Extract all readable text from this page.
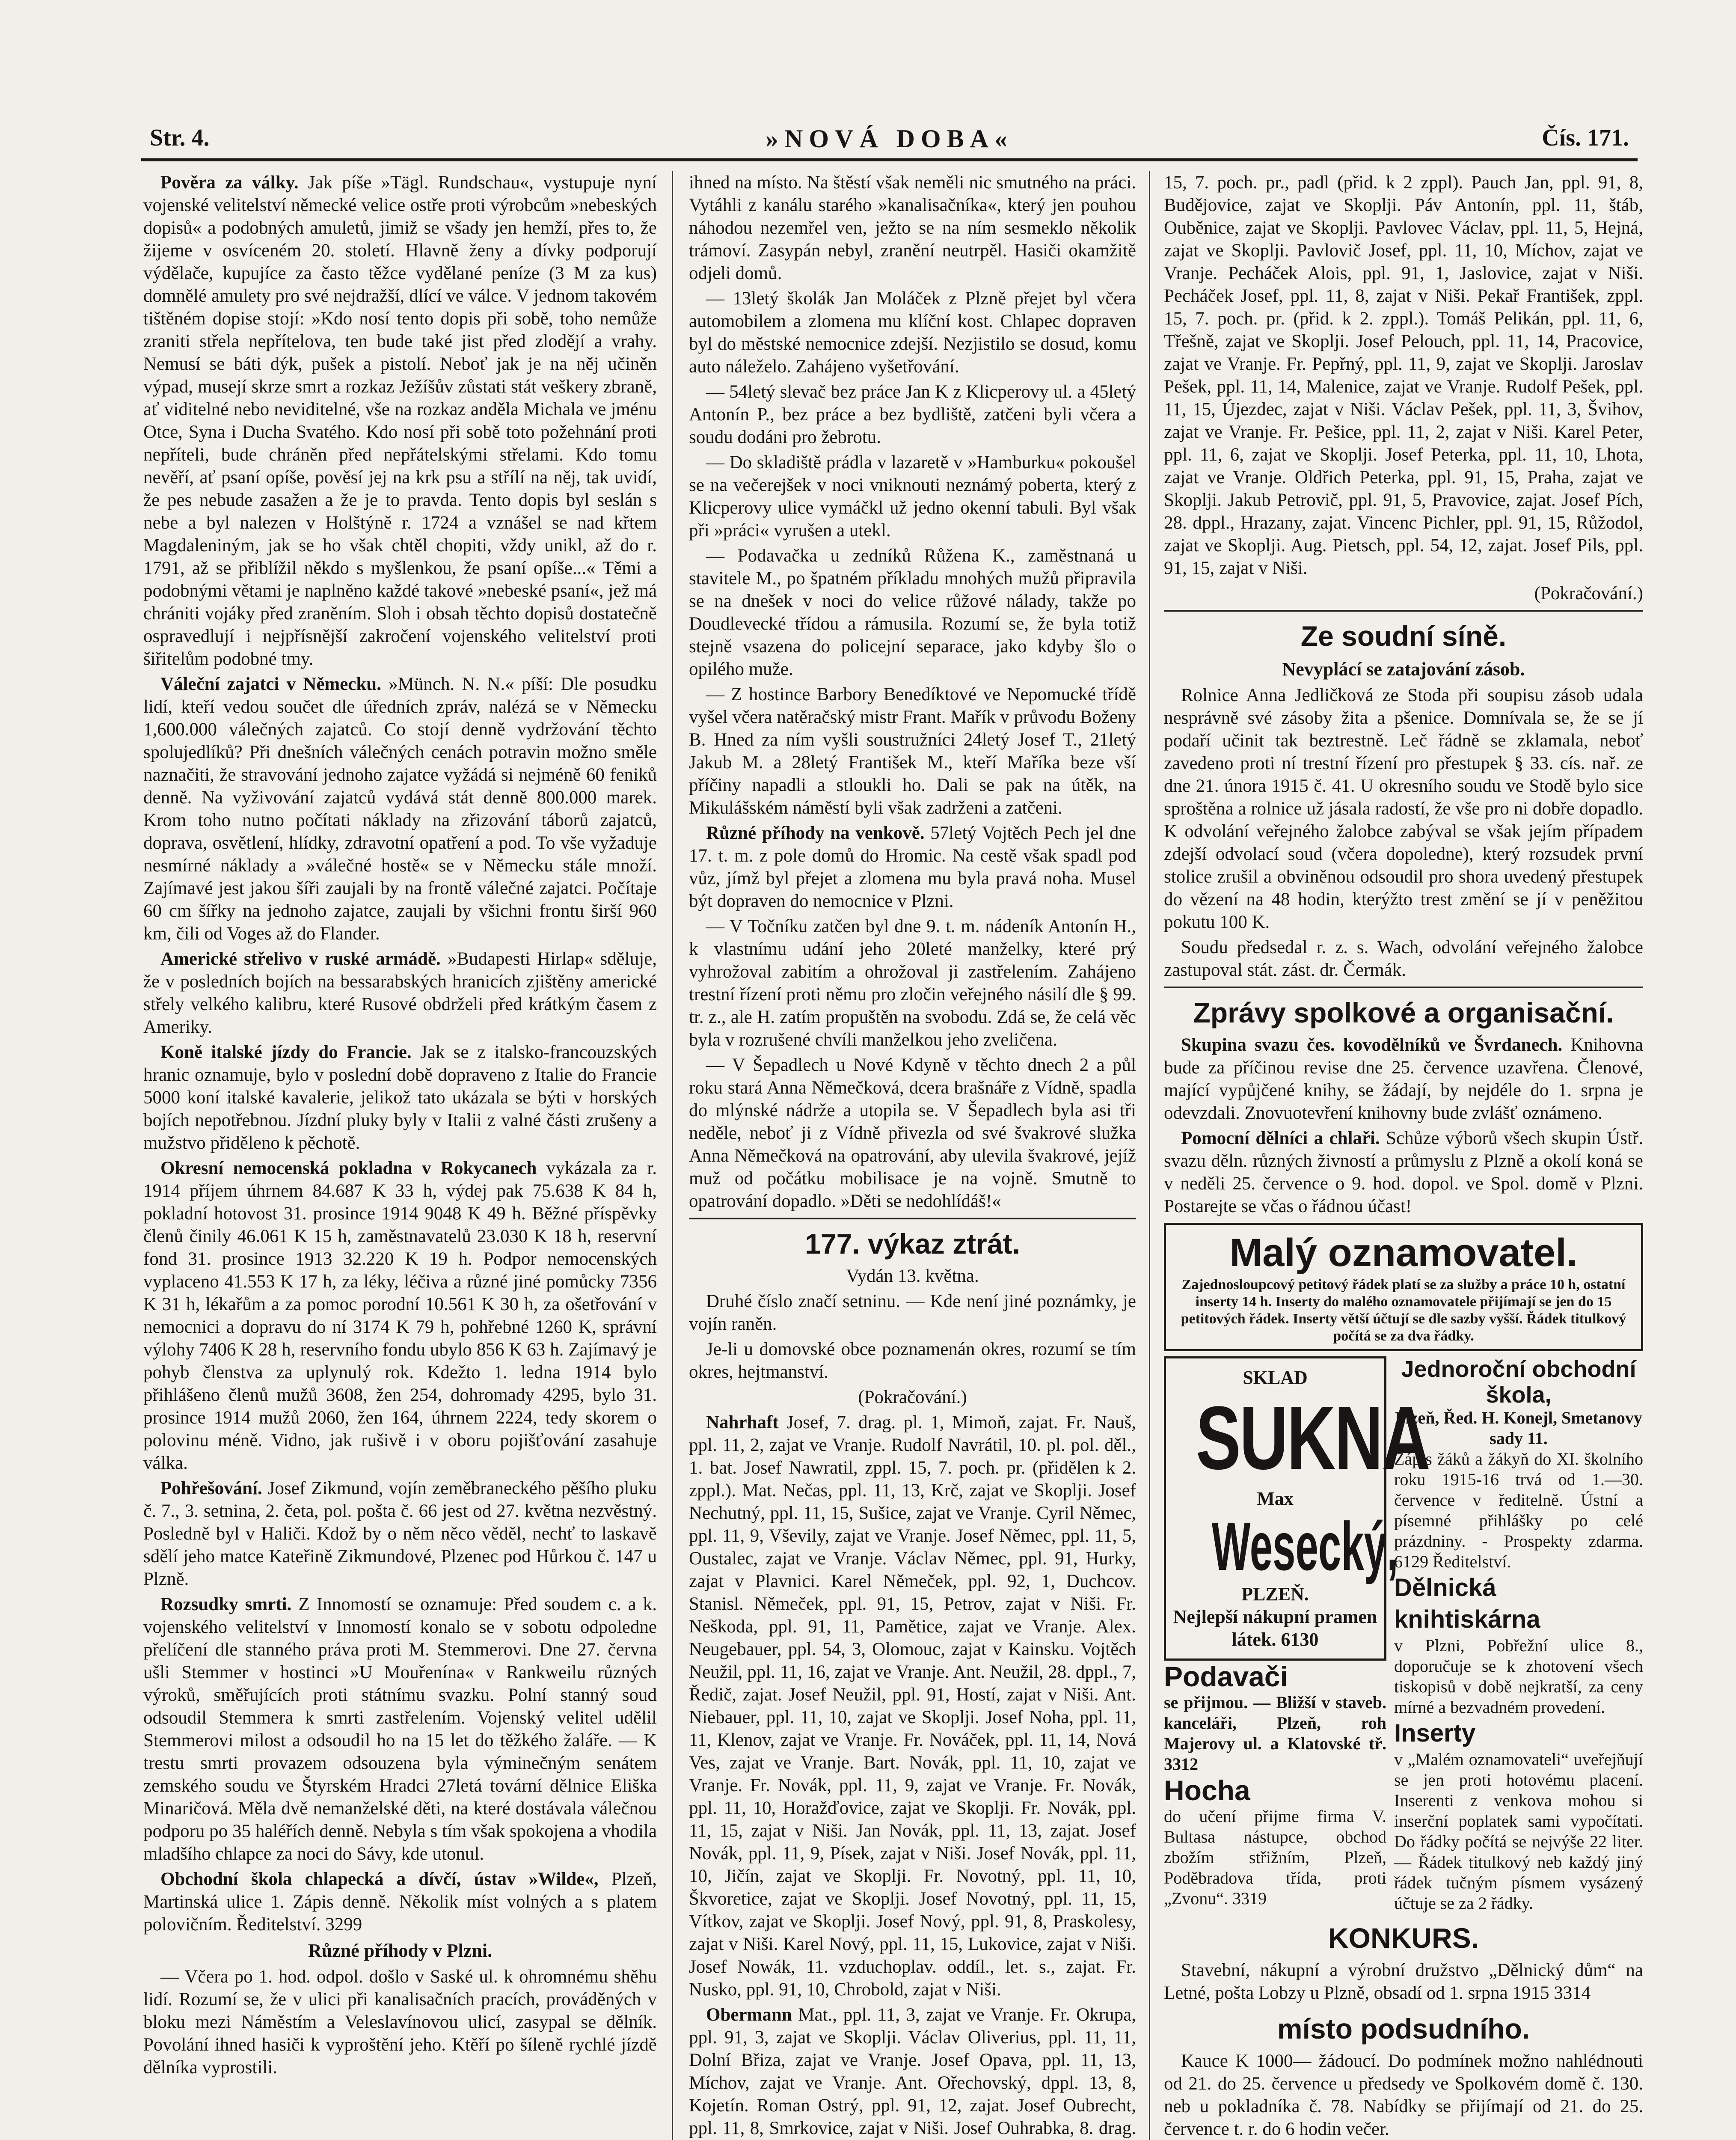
Str. 4.	»NOVÁ DOBA«	Čís. 171.

Pověra za války. Jak píše »Tägl. Rundschau«, vystupuje nyní vojenské velitelství německé velice ostře proti výrobcům »nebeských dopisů« a podobných amuletů, jimiž se všady jen hemží, přes to, že žijeme v osvíceném 20. století. Hlavně ženy a dívky podporují výdělače, kupujíce za často těžce vydělané peníze (3 M za kus) domnělé amulety pro své nejdražší, dlící ve válce. V jednom takovém tištěném dopise stojí: »Kdo nosí tento dopis při sobě, toho nemůže zraniti střela nepřítelova, ten bude také jist před zlodějí a vrahy. Nemusí se báti dýk, pušek a pistolí. Neboť jak je na něj učiněn výpad, musejí skrze smrt a rozkaz Ježíšův zůstati stát veškery zbraně, ať viditelné nebo neviditelné, vše na rozkaz anděla Michala ve jménu Otce, Syna i Ducha Svatého. Kdo nosí při sobě toto požehnání proti nepříteli, bude chráněn před nepřátelskými střelami. Kdo tomu nevěří, ať psaní opíše, pověsí jej na krk psu a střílí na něj, tak uvidí, že pes nebude zasažen a že je to pravda. Tento dopis byl seslán s nebe a byl nalezen v Holštýně r. 1724 a vznášel se nad křtem Magdaleniným, jak se ho však chtěl chopiti, vždy unikl, až do r. 1791, až se přiblížil někdo s myšlenkou, že psaní opíše...« Těmi a podobnými větami je naplněno každé takové »nebeské psaní«, jež má chrániti vojáky před zraněním. Sloh i obsah těchto dopisů dostatečně ospravedlují i nejpřísnější zakročení vojenského velitelství proti šiřitelům podobné tmy.

Váleční zajatci v Německu. »Münch. N. N.« píší: Dle posudku lidí, kteří vedou součet dle úředních zpráv, nalézá se v Německu 1,600.000 válečných zajatců. Co stojí denně vydržování těchto spolujedlíků? Při dnešních válečných cenách potravin možno směle naznačiti, že stravování jednoho zajatce vyžádá si nejméně 60 feniků denně. Na vyživování zajatců vydává stát denně 800.000 marek. Krom toho nutno počítati náklady na zřizování táborů zajatců, doprava, osvětlení, hlídky, zdravotní opatření a pod. To vše vyžaduje nesmírné náklady a »válečné hostě« se v Německu stále množí. Zajímavé jest jakou šíři zaujali by na frontě válečné zajatci. Počítaje 60 cm šířky na jednoho zajatce, zaujali by všichni frontu širší 960 km, čili od Voges až do Flander.

Americké střelivo v ruské armádě. »Budapesti Hirlap« sděluje, že v posledních bojích na bessarabských hranicích zjištěny americké střely velkého kalibru, které Rusové obdrželi před krátkým časem z Ameriky.

Koně italské jízdy do Francie. Jak se z italsko-francouzských hranic oznamuje, bylo v poslední době dopraveno z Italie do Francie 5000 koní italské kavalerie, jelikož tato ukázala se býti v horských bojích nepotřebnou. Jízdní pluky byly v Italii z valné části zrušeny a mužstvo přiděleno k pěchotě.

Okresní nemocenská pokladna v Rokycanech vykázala za r. 1914 příjem úhrnem 84.687 K 33 h, výdej pak 75.638 K 84 h, pokladní hotovost 31. prosince 1914 9048 K 49 h. Běžné příspěvky členů činily 46.061 K 15 h, zaměstnavatelů 23.030 K 18 h, reservní fond 31. prosince 1913 32.220 K 19 h. Podpor nemocenských vyplaceno 41.553 K 17 h, za léky, léčiva a různé jiné pomůcky 7356 K 31 h, lékařům a za pomoc porodní 10.561 K 30 h, za ošetřování v nemocnici a dopravu do ní 3174 K 79 h, pohřebné 1260 K, správní výlohy 7406 K 28 h, reservního fondu ubylo 856 K 63 h. Zajímavý je pohyb členstva za uplynulý rok. Kdežto 1. ledna 1914 bylo přihlášeno členů mužů 3608, žen 254, dohromady 4295, bylo 31. prosince 1914 mužů 2060, žen 164, úhrnem 2224, tedy skorem o polovinu méně. Vidno, jak rušivě i v oboru pojišťování zasahuje válka.

Pohřešování. Josef Zikmund, vojín zeměbraneckého pěšího pluku č. 7., 3. setnina, 2. četa, pol. pošta č. 66 jest od 27. května nezvěstný. Posledně byl v Haliči. Kdož by o něm něco věděl, nechť to laskavě sdělí jeho matce Kateřině Zikmundové, Plzenec pod Hůrkou č. 147 u Plzně.

Rozsudky smrti. Z Innomostí se oznamuje: Před soudem c. a k. vojenského velitelství v Innomostí konalo se v sobotu odpoledne přelíčení dle stanného práva proti M. Stemmerovi. Dne 27. června ušli Stemmer v hostinci »U Mouřenína« v Rankweilu různých výroků, směřujících proti státnímu svazku. Polní stanný soud odsoudil Stemmera k smrti zastřelením. Vojenský velitel udělil Stemmerovi milost a odsoudil ho na 15 let do těžkého žaláře. — K trestu smrti provazem odsouzena byla výminečným senátem zemského soudu ve Štyrském Hradci 27letá tovární dělnice Eliška Minaričová. Měla dvě nemanželské děti, na které dostávala válečnou podporu po 35 haléřích denně. Nebyla s tím však spokojena a vhodila mladšího chlapce za noci do Sávy, kde utonul.

Obchodní škola chlapecká a dívčí, ústav »Wilde«, Plzeň, Martinská ulice 1. Zápis denně. Několik míst volných a s platem polovičním. Ředitelství. 3299

Různé příhody v Plzni.

— Včera po 1. hod. odpol. došlo v Saské ul. k ohromnému shěhu lidí. Rozumí se, že v ulici při kanalisačních pracích, prováděných v bloku mezi Náměstím a Veleslavínovou ulicí, zasypal se dělník. Povolání ihned hasiči k vyproštění jeho. Ktěří po šíleně rychlé jízdě dělníka vyprostili.

ihned na místo. Na štěstí však neměli nic smutného na práci. Vytáhli z kanálu starého »kanalisačníka«, který jen pouhou náhodou nezemřel ven, ježto se na ním sesmeklo několik trámoví. Zasypán nebyl, zranění neutrpěl. Hasiči okamžitě odjeli domů.

— 13letý školák Jan Moláček z Plzně přejet byl včera automobilem a zlomena mu klíční kost. Chlapec dopraven byl do městské nemocnice zdejší. Nezjistilo se dosud, komu auto náleželo. Zahájeno vyšetřování.

— 54letý slevač bez práce Jan K z Klicperovy ul. a 45letý Antonín P., bez práce a bez bydliště, zatčeni byli včera a soudu dodáni pro žebrotu.

— Do skladiště prádla v lazaretě v »Hamburku« pokoušel se na večerejšek v noci vniknouti neznámý poberta, který z Klicperovy ulice vymáčkl už jedno okenní tabuli. Byl však při »práci« vyrušen a utekl.

— Podavačka u zedníků Růžena K., zaměstnaná u stavitele M., po špatném příkladu mnohých mužů připravila se na dnešek v noci do velice růžové nálady, takže po Doudlevecké třídou a rámusila. Rozumí se, že byla totiž stejně vsazena do policejní separace, jako kdyby šlo o opilého muže.

— Z hostince Barbory Benedíktové ve Nepomucké třídě vyšel včera natěračský mistr Frant. Mařík v průvodu Boženy B. Hned za ním vyšli soustružníci 24letý Josef T., 21letý Jakub M. a 28letý František M., kteří Maříka beze vší příčiny napadli a stloukli ho. Dali se pak na útěk, na Mikulášském náměstí byli však zadrženi a zatčeni.

Různé příhody na venkově. 57letý Vojtěch Pech jel dne 17. t. m. z pole domů do Hromic. Na cestě však spadl pod vůz, jímž byl přejet a zlomena mu byla pravá noha. Musel být dopraven do nemocnice v Plzni.

— V Točníku zatčen byl dne 9. t. m. nádeník Antonín H., k vlastnímu udání jeho 20leté manželky, které prý vyhrožoval zabitím a ohrožoval ji zastřelením. Zahájeno trestní řízení proti němu pro zločin veřejného násilí dle § 99. tr. z., ale H. zatím propuštěn na svobodu. Zdá se, že celá věc byla v rozrušené chvíli manželkou jeho zveličena.

— V Šepadlech u Nové Kdyně v těchto dnech 2 a půl roku stará Anna Němečková, dcera brašnáře z Vídně, spadla do mlýnské nádrže a utopila se. V Šepadlech byla asi tři neděle, neboť ji z Vídně přivezla od své švakrové služka Anna Němečková na opatrování, aby ulevila švakrové, jejíž muž od počátku mobilisace je na vojně. Smutně to opatrování dopadlo. »Děti se nedohlídáš!«

177. výkaz ztrát.

Vydán 13. května.

Druhé číslo značí setninu. — Kde není jiné poznámky, je vojín raněn.

Je-li u domovské obce poznamenán okres, rozumí se tím okres, hejtmanství.

(Pokračování.)

Nahrhaft Josef, 7. drag. pl. 1, Mimoň, zajat. Fr. Nauš, ppl. 11, 2, zajat ve Vranje. Rudolf Navrátil, 10. pl. pol. děl., 1. bat. Josef Nawratil, zppl. 15, 7. poch. pr. (přidělen k 2. zppl.). Mat. Nečas, ppl. 11, 13, Krč, zajat ve Skoplji. Josef Nechutný, ppl. 11, 15, Sušice, zajat ve Vranje. Cyril Němec, ppl. 11, 9, Vševily, zajat ve Vranje. Josef Němec, ppl. 11, 5, Oustalec, zajat ve Vranje. Václav Němec, ppl. 91, Hurky, zajat v Plavnici. Karel Němeček, ppl. 92, 1, Duchcov. Stanisl. Němeček, ppl. 91, 15, Petrov, zajat v Niši. Fr. Neškoda, ppl. 91, 11, Pamětice, zajat ve Vranje. Alex. Neugebauer, ppl. 54, 3, Olomouc, zajat v Kainsku. Vojtěch Neužil, ppl. 11, 16, zajat ve Vranje. Ant. Neužil, 28. dppl., 7, Ředič, zajat. Josef Neužil, ppl. 91, Hostí, zajat v Niši. Ant. Niebauer, ppl. 11, 10, zajat ve Skoplji. Josef Noha, ppl. 11, 11, Klenov, zajat ve Vranje. Fr. Nováček, ppl. 11, 14, Nová Ves, zajat ve Vranje. Bart. Novák, ppl. 11, 10, zajat ve Vranje. Fr. Novák, ppl. 11, 9, zajat ve Vranje. Fr. Novák, ppl. 11, 10, Horažďovice, zajat ve Skoplji. Fr. Novák, ppl. 11, 15, zajat v Niši. Jan Novák, ppl. 11, 13, zajat. Josef Novák, ppl. 11, 9, Písek, zajat v Niši. Josef Novák, ppl. 11, 10, Jičín, zajat ve Skoplji. Fr. Novotný, ppl. 11, 10, Škvoretice, zajat ve Skoplji. Josef Novotný, ppl. 11, 15, Vítkov, zajat ve Skoplji. Josef Nový, ppl. 91, 8, Praskolesy, zajat v Niši. Karel Nový, ppl. 11, 15, Lukovice, zajat v Niši. Josef Nowák, 11. vzduchoplav. oddíl., let. s., zajat. Fr. Nusko, ppl. 91, 10, Chrobold, zajat v Niši.

Obermann Mat., ppl. 11, 3, zajat ve Vranje. Fr. Okrupa, ppl. 91, 3, zajat ve Skoplji. Václav Oliverius, ppl. 11, 11, Dolní Břiza, zajat ve Vranje. Josef Opava, ppl. 11, 13, Míchov, zajat ve Vranje. Ant. Ořechovský, dppl. 13, 8, Kojetín. Roman Ostrý, ppl. 91, 12, zajat. Josef Oubrecht, ppl. 11, 8, Smrkovice, zajat v Niši. Josef Ouhrabka, 8. drag.

15, 7. poch. pr., padl (přid. k 2 zppl). Pauch Jan, ppl. 91, 8, Budějovice, zajat ve Skoplji. Páv Antonín, ppl. 11, štáb, Ouběnice, zajat ve Skoplji. Pavlovec Václav, ppl. 11, 5, Hejná, zajat ve Skoplji. Pavlovič Josef, ppl. 11, 10, Míchov, zajat ve Vranje. Pecháček Alois, ppl. 91, 1, Jaslovice, zajat v Niši. Pecháček Josef, ppl. 11, 8, zajat v Niši. Pekař František, zppl. 15, 7. poch. pr. (přid. k 2. zppl.). Tomáš Pelikán, ppl. 11, 6, Třešně, zajat ve Skoplji. Josef Pelouch, ppl. 11, 14, Pracovice, zajat ve Vranje. Fr. Pepřný, ppl. 11, 9, zajat ve Skoplji. Jaroslav Pešek, ppl. 11, 14, Malenice, zajat ve Vranje. Rudolf Pešek, ppl. 11, 15, Újezdec, zajat v Niši. Václav Pešek, ppl. 11, 3, Švihov, zajat ve Vranje. Fr. Pešice, ppl. 11, 2, zajat v Niši. Karel Peter, ppl. 11, 6, zajat ve Skoplji. Josef Peterka, ppl. 11, 10, Lhota, zajat ve Vranje. Oldřich Peterka, ppl. 91, 15, Praha, zajat ve Skoplji. Jakub Petrovič, ppl. 91, 5, Pravovice, zajat. Josef Pích, 28. dppl., Hrazany, zajat. Vincenc Pichler, ppl. 91, 15, Růžodol, zajat ve Skoplji. Aug. Pietsch, ppl. 54, 12, zajat. Josef Pils, ppl. 91, 15, zajat v Niši.

(Pokračování.)

Ze soudní síně.
Nevyplácí se zatajování zásob.

Rolnice Anna Jedličková ze Stoda při soupisu zásob udala nesprávně své zásoby žita a pšenice. Domnívala se, že se jí podaří učinit tak beztrestně. Leč řádně se zklamala, neboť zavedeno proti ní trestní řízení pro přestupek § 33. cís. nař. ze dne 21. února 1915 č. 41. U okresního soudu ve Stodě bylo sice sproštěna a rolnice už jásala radostí, že vše pro ni dobře dopadlo. K odvolání veřejného žalobce zabýval se však jejím případem zdejší odvolací soud (včera dopoledne), který rozsudek první stolice zrušil a obviněnou odsoudil pro shora uvedený přestupek do vězení na 48 hodin, kterýžto trest změní se jí v peněžitou pokutu 100 K.

Soudu předsedal r. z. s. Wach, odvolání veřejného žalobce zastupoval stát. zást. dr. Čermák.

Zprávy spolkové a organisační.

Skupina svazu čes. kovodělníků ve Švrdanech. Knihovna bude za příčinou revise dne 25. července uzavřena. Členové, mající vypůjčené knihy, se žádají, by nejdéle do 1. srpna je odevzdali. Znovuotevření knihovny bude zvlášť oznámeno.

Pomocní dělníci a chlaři. Schůze výborů všech skupin Ústř. svazu děln. různých živností a průmyslu z Plzně a okolí koná se v neděli 25. července o 9. hod. dopol. ve Spol. domě v Plzni. Postarejte se včas o řádnou účast!

Malý oznamovatel.
Zajednosloupcový petitový řádek platí se za služby a práce 10 h, ostatní inserty 14 h. Inserty do malého oznamovatele přijímají se jen do 15 petitových řádek. Inserty větší účtují se dle sazby vyšší. Řádek titulkový počítá se za dva řádky.
SKLAD
SUKNA
Max
Wesecký,
PLZEŇ.
Nejlepší nákupní pramen látek. 6130
Podavači
se přijmou. — Bližší v staveb. kanceláři, Plzeň, roh Majerovy ul. a Klatovské tř. 3312
Hocha
do učení přijme firma V. Bultasa nástupce, obchod zbožím střižním, Plzeň, Poděbradova třída, proti „Zvonu“. 3319
Jednoroční obchodní škola,
Plzeň, Řed. H. Konejl, Smetanovy sady 11.
Zápis žáků a žákyň do XI. školního roku 1915-16 trvá od 1.—30. července v ředitelně. Ústní a písemné přihlášky po celé prázdniny. - Prospekty zdarma. 6129 Ředitelství.
Dělnická knihtiskárna
v Plzni, Pobřežní ulice 8., doporučuje se k zhotovení všech tiskopisů v době nejkratší, za ceny mírné a bezvadném provedení.
Inserty
v „Malém oznamovateli“ uveřejňují se jen proti hotovému placení. Inserenti z venkova mohou si inserční poplatek sami vypočítati. Do řádky počítá se nejvýše 22 liter. — Řádek titulkový neb každý jiný řádek tučným písmem vysázený účtuje se za 2 řádky.
KONKURS.

Stavební, nákupní a výrobní družstvo „Dělnický dům“ na Letné, pošta Lobzy u Plzně, obsadí od 1. srpna 1915 3314

místo podsudního.

Kauce K 1000— žádoucí. Do podmínek možno nahlédnouti od 21. do 25. července u předsedy ve Spolkovém domě č. 130. neb u pokladníka č. 78. Nabídky se přijímají od 21. do 25. července t. r. do 6 hodin večer.
